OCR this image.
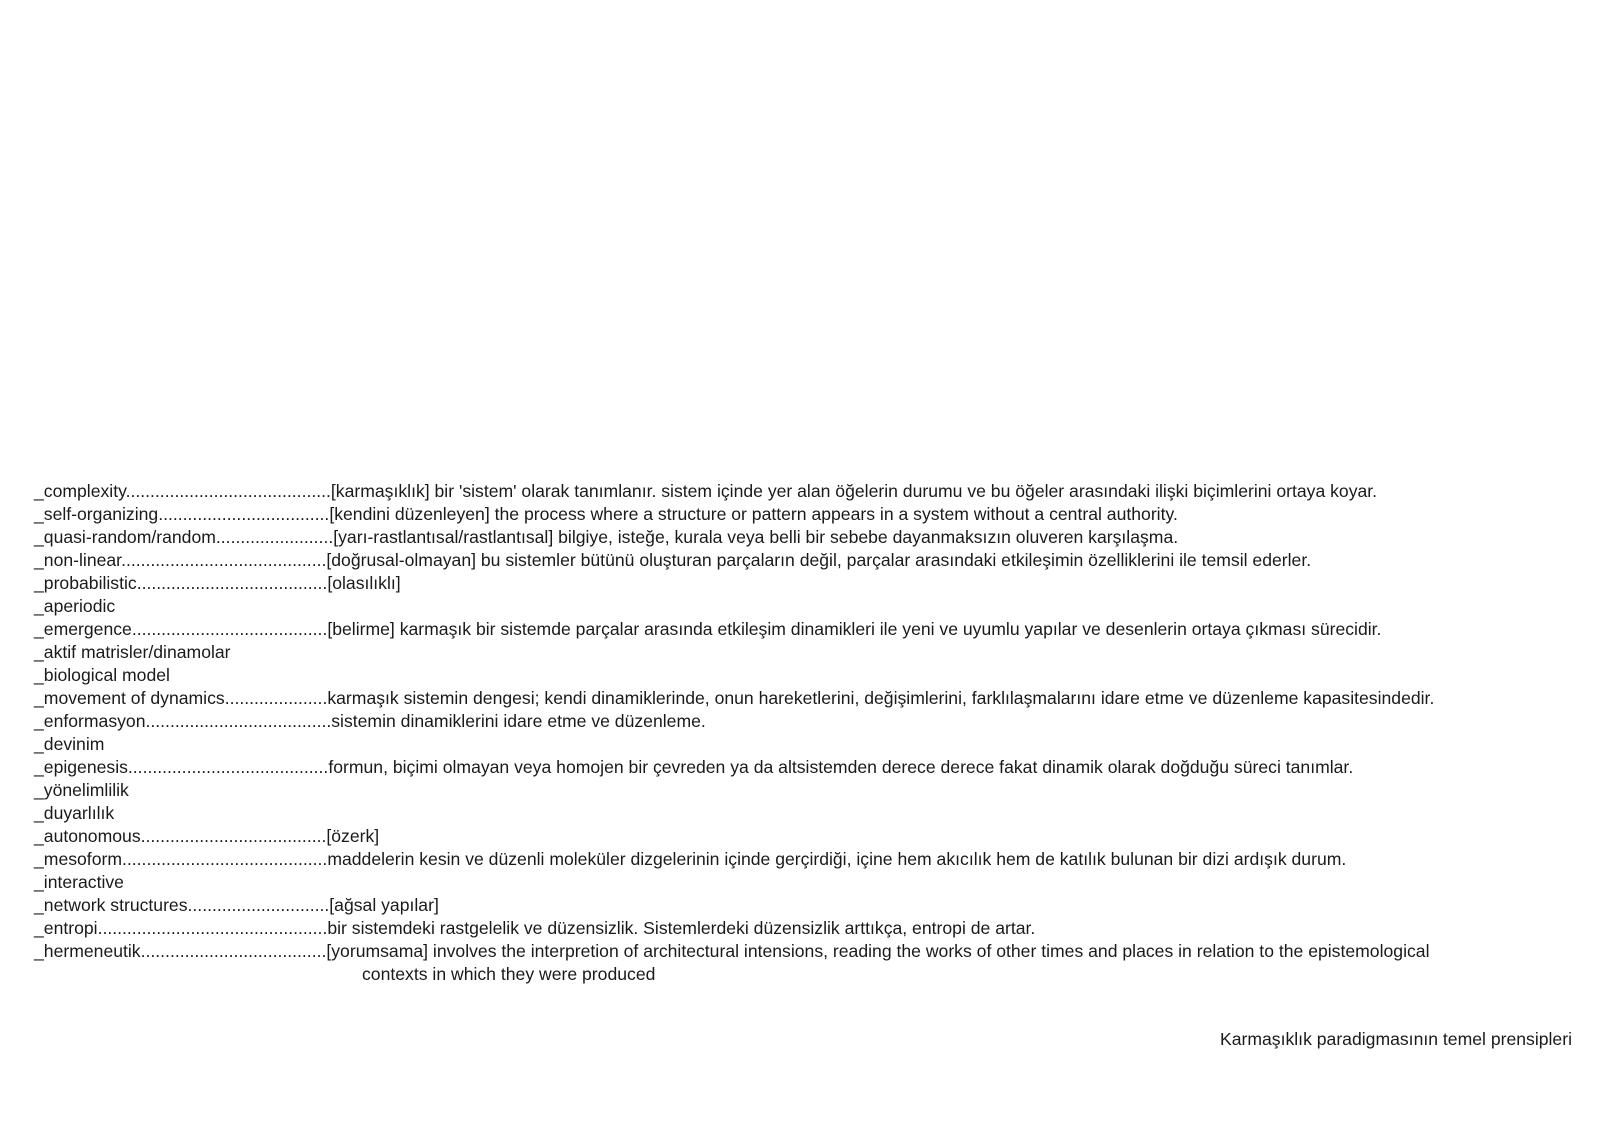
_complexity..........................................[karmaşıklık] bir 'sistem' olarak tanımlanır. sistem içinde yer alan öğelerin durumu ve bu öğeler arasındaki ilişki biçimlerini ortaya koyar.
_self-organizing...................................[kendini düzenleyen] the process where a structure or pattern appears in a system without a central authority.
_quasi-random/random........................[yarı-rastlantısal/rastlantısal] bilgiye, isteğe, kurala veya belli bir sebebe dayanmaksızın oluveren karşılaşma.
_non-linear..........................................[doğrusal-olmayan] bu sistemler bütünü oluşturan parçaların değil, parçalar arasındaki etkileşimin özelliklerini ile temsil ederler.
_probabilistic.......................................[olasılıklı]
_aperiodic
_emergence........................................[belirme] karmaşık bir sistemde parçalar arasında etkileşim dinamikleri ile yeni ve uyumlu yapılar ve desenlerin ortaya çıkması sürecidir.
_aktif matrisler/dinamolar
_biological model
_movement of dynamics.....................karmaşık sistemin dengesi; kendi dinamiklerinde, onun hareketlerini, değişimlerini, farklılaşmalarını idare etme ve düzenleme kapasitesindedir.
_enformasyon......................................sistemin dinamiklerini idare etme ve düzenleme.
_devinim
_epigenesis.........................................formun, biçimi olmayan veya homojen bir çevreden ya da altsistemden derece derece fakat dinamik olarak doğduğu süreci tanımlar.
_yönelimlilik
_duyarlılık
_autonomous......................................[özerk]
_mesoform..........................................maddelerin kesin ve düzenli moleküler dizgelerinin içinde gerçirdiği, içine hem akıcılık hem de katılık bulunan bir dizi ardışık durum.
_interactive
_network structures.............................[ağsal yapılar]
_entropi...............................................bir sistemdeki rastgelelik ve düzensizlik. Sistemlerdeki düzensizlik arttıkça, entropi de artar.
_hermeneutik......................................[yorumsama] involves the interpretion of architectural intensions, reading the works of other times and places in relation to the epistemological
contexts in which they were produced
Karmaşıklık paradigmasının temel prensipleri
